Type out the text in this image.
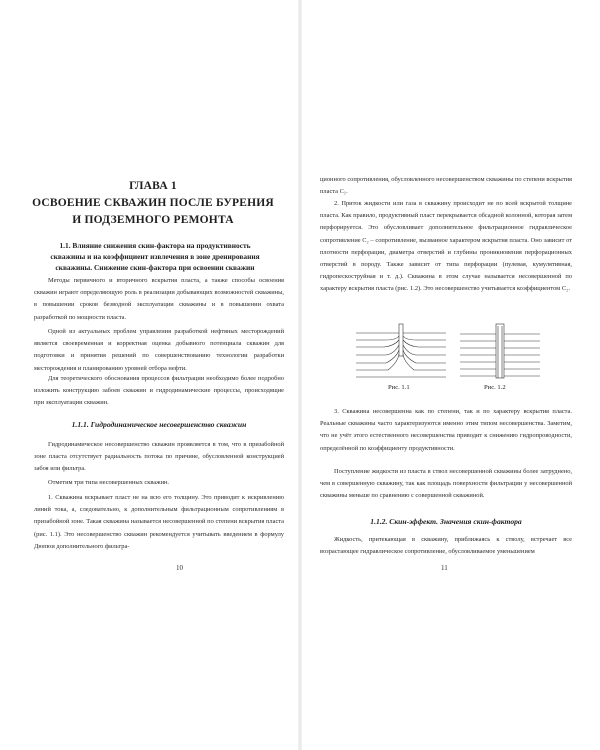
ГЛАВА 1
ОСВОЕНИЕ СКВАЖИН ПОСЛЕ БУРЕНИЯ
И ПОДЗЕМНОГО РЕМОНТА
1.1. Влияние снижения скин-фактора на продуктивность
скважины и на коэффициент извлечения в зоне дренирования
скважины. Снижение скин-фактора при освоении скважин

Методы первичного и вторичного вскрытия пласта, а также способы освоения скважин играют определяющую роль в реализации добывающих возможностей скважины, в повышении сроков безводной эксплуатации скважины и в повышении охвата разработкой по мощности пласта.

Одной из актуальных проблем управления разработкой нефтяных месторождений является своевременная и корректная оценка добывного потенциала скважин для подготовки и принятия решений по совершенствованию технологии разработки месторождения и планированию уровней отбора нефти.

Для теоретического обоснования процессов фильтрации необходимо более подробно изложить конструкцию забоев скважин и гидродинамические процессы, происходящие при эксплуатации скважин.

1.1.1. Гидродинамическое несовершенство скважин

Гидродинамическое несовершенство скважин проявляется в том, что в призабойной зоне пласта отсутствует радиальность потока по причине, обусловленной конструкцией забоя или фильтра.

Отметим три типа несовершенных скважин.

1. Скважина вскрывает пласт не на всю его толщину. Это приводит к искривлению линий тока, а, следовательно, к дополнительным фильтрационным сопротивлениям в призабойной зоне. Такая скважина называется несовершенной по степени вскрытия пласта (рис. 1.1). Это несовершенство скважин рекомендуется учитывать введением в формулу Дюпюи дополнительного фильтра-

10

ционного сопротивления, обусловленного несовершенством скважины по степени вскрытия пласта C₁.

2. Приток жидкости или газа в скважину происходит не по всей вскрытой толщине пласта. Как правило, продуктивный пласт перекрывается обсадной колонной, которая затем перфорируется. Это обусловливает дополнительное фильтрационное гидравлическое сопротивление C₂ – сопротивление, вызванное характером вскрытия пласта. Оно зависит от плотности перфорации, диаметра отверстий и глубины проникновения перфорационных отверстий в породу. Также зависит от типа перфорации (пулевая, кумулятивная, гидропескоструйная и т. д.). Скважина в этом случае называется несовершенной по характеру вскрытия пласта (рис. 1.2). Это несовершенство учитывается коэффициентом C₂.

Рис. 1.1	Рис. 1.2

3. Скважина несовершенна как по степени, так и по характеру вскрытия пласта. Реальные скважины часто характеризуются именно этим типом несовершенства. Заметим, что не учёт этого естественного несовершенства приводит к снижению гидропроводности, определённой по коэффициенту продуктивности.

Поступление жидкости из пласта в ствол несовершенной скважины более затруднено, чем в совершенную скважину, так как площадь поверхности фильтрации у несовершенной скважины меньше по сравнению с совершенной скважиной.

1.1.2. Скин-эффект. Значения скин-фактора

Жидкость, притекающая в скважину, приближаясь к стволу, встречает все возрастающее гидравлическое сопротивление, обусловливаемое уменьшением

11
